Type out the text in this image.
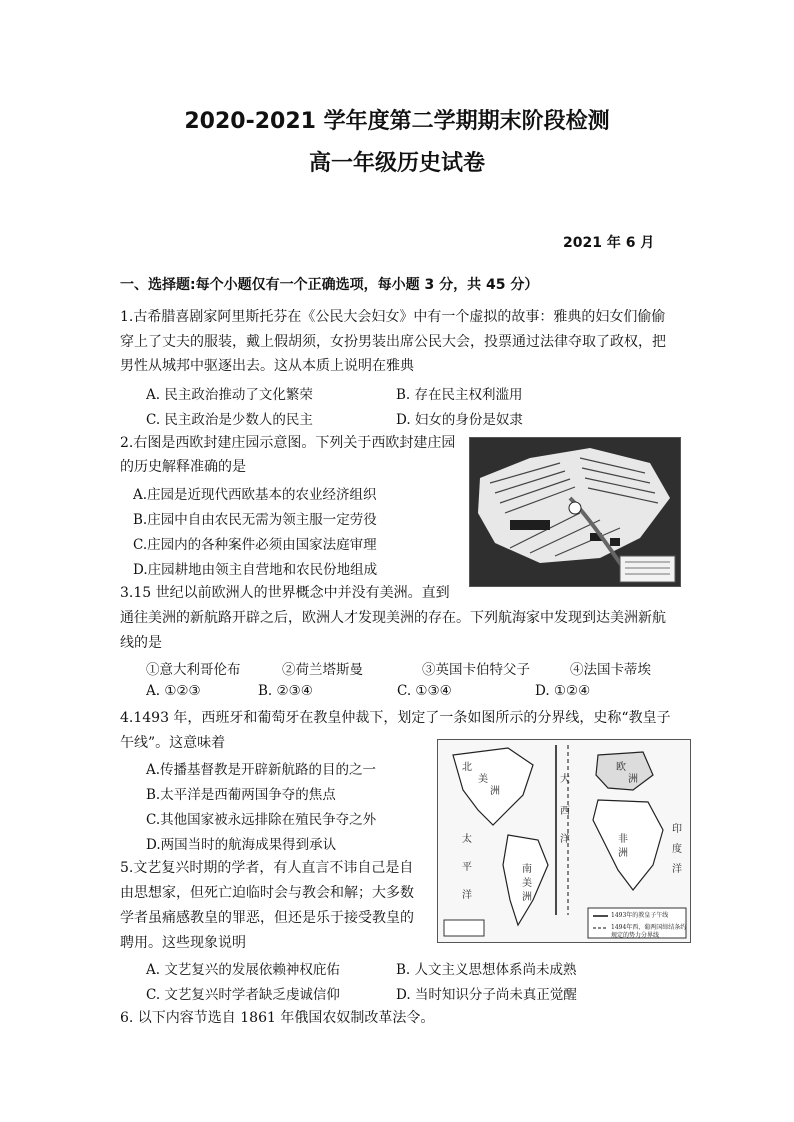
2020-2021 学年度第二学期期末阶段检测
高一年级历史试卷
2021 年 6 月
一、选择题:每个小题仅有一个正确选项，每小题 3 分，共 45 分）
1.古希腊喜剧家阿里斯托芬在《公民大会妇女》中有一个虚拟的故事：雅典的妇女们偷偷
穿上了丈夫的服装，戴上假胡须，女扮男装出席公民大会，投票通过法律夺取了政权，把
男性从城邦中驱逐出去。这从本质上说明在雅典
A. 民主政治推动了文化繁荣	B. 存在民主权利滥用
C. 民主政治是少数人的民主	D. 妇女的身份是奴隶
2.右图是西欧封建庄园示意图。下列关于西欧封建庄园
的历史解释准确的是
A.庄园是近现代西欧基本的农业经济组织
B.庄园中自由农民无需为领主服一定劳役
C.庄园内的各种案件必须由国家法庭审理
D.庄园耕地由领主自营地和农民份地组成
3.15 世纪以前欧洲人的世界概念中并没有美洲。直到
通往美洲的新航路开辟之后，欧洲人才发现美洲的存在。下列航海家中发现到达美洲新航
线的是
①意大利哥伦布	②荷兰塔斯曼	③英国卡伯特父子	④法国卡蒂埃
A. ①②③	B. ②③④	C. ①③④	D. ①②④
4.1493 年，西班牙和葡萄牙在教皇仲裁下，划定了一条如图所示的分界线，史称“教皇子
午线”。这意味着
A.传播基督教是开辟新航路的目的之一
B.太平洋是西葡两国争夺的焦点
C.其他国家被永远排除在殖民争夺之外
D.两国当时的航海成果得到承认
北
美
洲
大
西
洋
欧
洲
非
洲
太
平
洋
南
美
洲
印
度
洋
1493年的教皇子午线
1494年西、葡两国缔结条约
规定的势力分界线
5.文艺复兴时期的学者，有人直言不讳自己是自
由思想家，但死亡迫临时会与教会和解；大多数
学者虽痛感教皇的罪恶，但还是乐于接受教皇的
聘用。这些现象说明
A. 文艺复兴的发展依赖神权庇佑	B. 人文主义思想体系尚未成熟
C. 文艺复兴时学者缺乏虔诚信仰	D. 当时知识分子尚未真正觉醒
6. 以下内容节选自 1861 年俄国农奴制改革法令。
